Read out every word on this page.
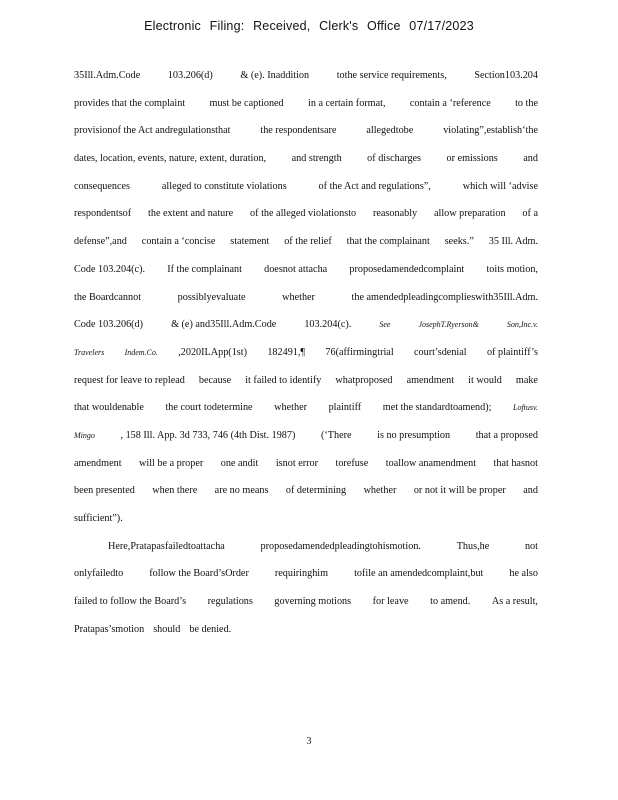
Electronic Filing: Received, Clerk's Office 07/17/2023
35Ill.Adm.Code	103.206(d)	& (e). Inaddition	tothe service requirements,	Section103.204
provides that the complaint must be captioned in a certain format, contain a ‘reference to the
provisionof the Act andregulationsthat	the respondentsare	allegedtobe	violating”,establish‘the
dates, location, events, nature, extent, duration,	and strength	of discharges	or emissions	and
consequences	alleged to constitute violations	of the Act and regulations”,	which will ‘advise
respondentsof the extent and nature of the alleged violationsto reasonably allow preparation of a
defense”,and contain a ‘concise statement of the relief that the complainant seeks.” 35 Ill. Adm.
Code 103.204(c). If the complainant doesnot attacha proposedamendedcomplaint toits motion,
the Boardcannot	possiblyevaluate	whether	the amendedpleadingcomplieswith35Ill.Adm.
Code 103.206(d)	& (e) and35Ill.Adm.Code	103.204(c).	See	JosephT.Ryerson&	Son,Inc.v.
Travelers	Indem.Co. ,2020ILApp(1st) 182491,¶ 76(affirmingtrial court’sdenial of plaintiff’s
request for leave to replead because it failed to identify whatproposed amendment it would make
that wouldenable the court todetermine whether plaintiff met the standardtoamend);	Loftusv.
Mingo	, 158 Ill. App. 3d 733, 746 (4th Dist. 1987)	(‘There	is no presumption	that a proposed
amendment will be a proper one andit isnot error torefuse toallow anamendment that hasnot
been presented when there are no means of determining whether or not it will be proper and
sufficient”).
Here,Pratapasfailedtoattacha	proposedamendedpleadingtohismotion.	Thus,he	not
onlyfailedto	follow the Board’sOrder	requiringhim	tofile an amendedcomplaint,but	he also
failed to follow the Board’s regulations governing motions for leave to amend. As a result,
Pratapas’smotion should be denied.
3
